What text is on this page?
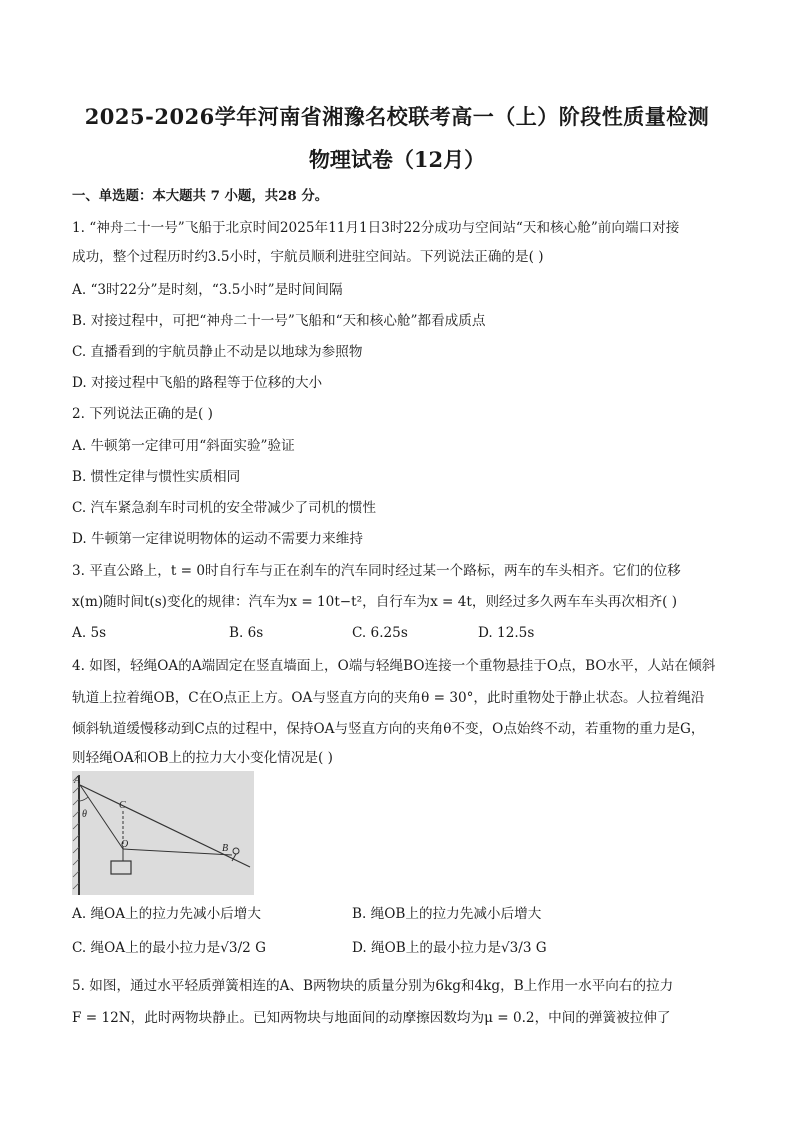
2025-2026学年河南省湘豫名校联考高一（上）阶段性质量检测
物理试卷（12月）
一、单选题：本大题共 7 小题，共28 分。
1. “神舟二十一号”飞船于北京时间2025年11月1日3时22分成功与空间站“天和核心舱”前向端口对接
成功，整个过程历时约3.5小时，宇航员顺利进驻空间站。下列说法正确的是( )
A. “3时22分”是时刻，“3.5小时”是时间间隔
B. 对接过程中，可把“神舟二十一号”飞船和“天和核心舱”都看成质点
C. 直播看到的宇航员静止不动是以地球为参照物
D. 对接过程中飞船的路程等于位移的大小
2. 下列说法正确的是( )
A. 牛顿第一定律可用“斜面实验”验证
B. 惯性定律与惯性实质相同
C. 汽车紧急刹车时司机的安全带减少了司机的惯性
D. 牛顿第一定律说明物体的运动不需要力来维持
3. 平直公路上，t = 0时自行车与正在刹车的汽车同时经过某一个路标，两车的车头相齐。它们的位移
x(m)随时间t(s)变化的规律：汽车为x = 10t−t²，自行车为x = 4t，则经过多久两车车头再次相齐( )
A. 5s	B. 6s	C. 6.25s	D. 12.5s
4. 如图，轻绳OA的A端固定在竖直墙面上，O端与轻绳BO连接一个重物悬挂于O点，BO水平，人站在倾斜
轨道上拉着绳OB，C在O点正上方。OA与竖直方向的夹角θ = 30°，此时重物处于静止状态。人拉着绳沿
倾斜轨道缓慢移动到C点的过程中，保持OA与竖直方向的夹角θ不变，O点始终不动，若重物的重力是G，
则轻绳OA和OB上的拉力大小变化情况是( )
A
θ
C
O	B
A. 绳OA上的拉力先减小后增大	B. 绳OB上的拉力先减小后增大
C. 绳OA上的最小拉力是√3/2 G	D. 绳OB上的最小拉力是√3/3 G
5. 如图，通过水平轻质弹簧相连的A、B两物块的质量分别为6kg和4kg，B上作用一水平向右的拉力
F = 12N，此时两物块静止。已知两物块与地面间的动摩擦因数均为μ = 0.2，中间的弹簧被拉伸了
